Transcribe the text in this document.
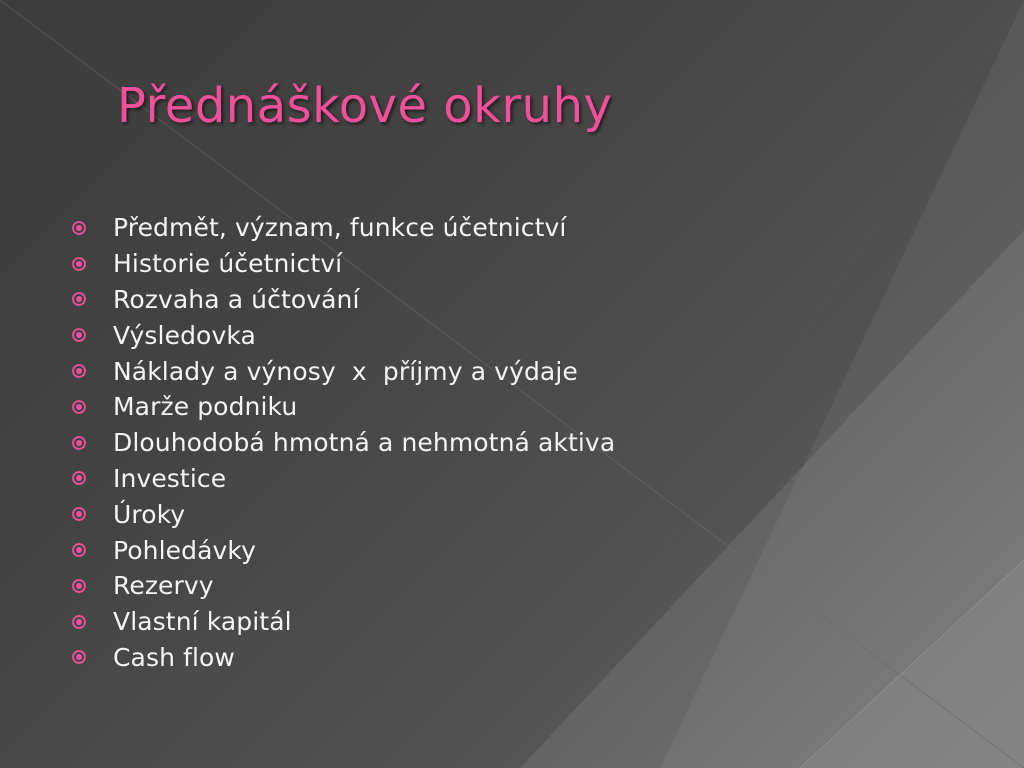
Přednáškové okruhy
Předmět, význam, funkce účetnictví
Historie účetnictví
Rozvaha a účtování
Výsledovka
Náklady a výnosy  x  příjmy a výdaje
Marže podniku
Dlouhodobá hmotná a nehmotná aktiva
Investice
Úroky
Pohledávky
Rezervy
Vlastní kapitál
Cash flow
